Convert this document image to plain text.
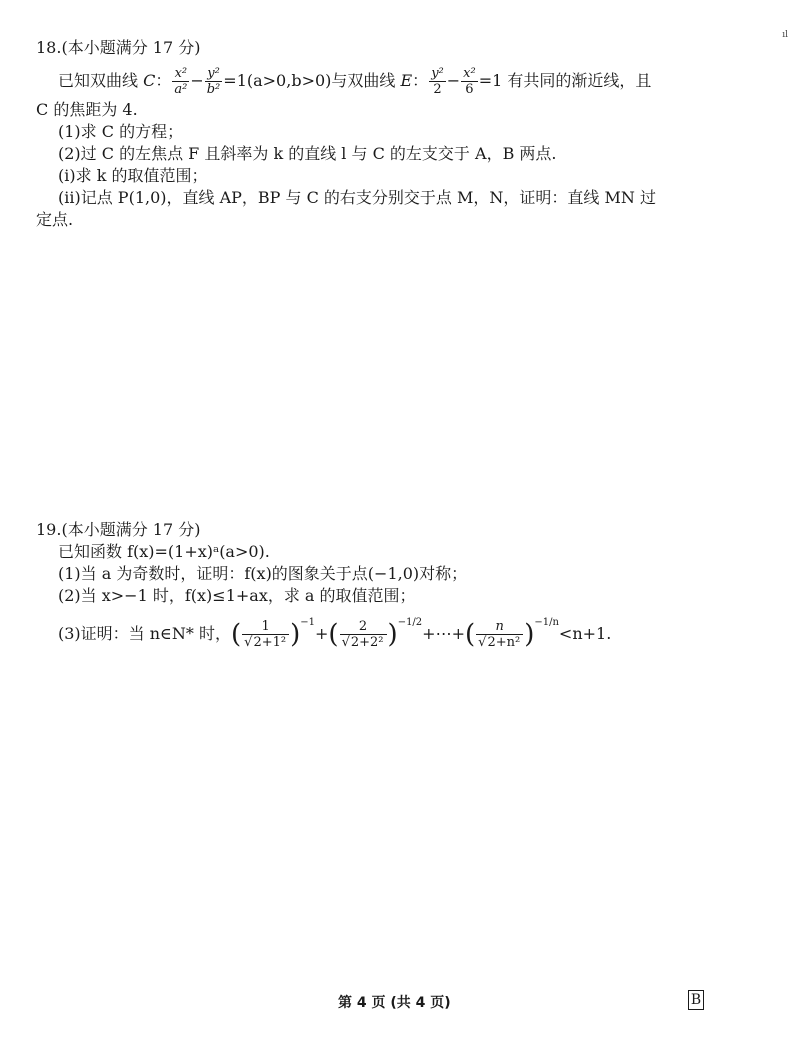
ıl
18.(本小题满分 17 分)
已知双曲线 C： $\frac{\text{x²}}{\text{a²}} - \frac{\text{y²}}{\text{b²}} =1(a>0,b>0)$与双曲线 E： $\frac{\text{y²}}{2} - \frac{\text{x²}}{6} =1$ 有共同的渐近线，且
C 的焦距为 4.
(1)求 C 的方程；
(2)过 C 的左焦点 F 且斜率为 k 的直线 l 与 C 的左支交于 A，B 两点.
(ⅰ)求 k 的取值范围；
(ⅱ)记点 P(1,0)，直线 AP，BP 与 C 的右支分别交于点 M，N，证明：直线 MN 过
定点.
19.(本小题满分 17 分)
已知函数 f(x)=(1+x)ᵃ(a>0).
(1)当 a 为奇数时，证明：f(x)的图象关于点(−1,0)对称；
(2)当 x>−1 时，f(x)≤1+ax，求 a 的取值范围；
(3)证明：当 n∈N* 时，( $\frac{1}{\text{√2+1²}} )^{-1}+( \frac{2}{\text{√2+2²}}$ )$^{-1/2}+\cdots+( \frac{n}{\text{√2+n²}} )^{-1/n}<n+1$.
第 4 页 (共 4 页)	B
